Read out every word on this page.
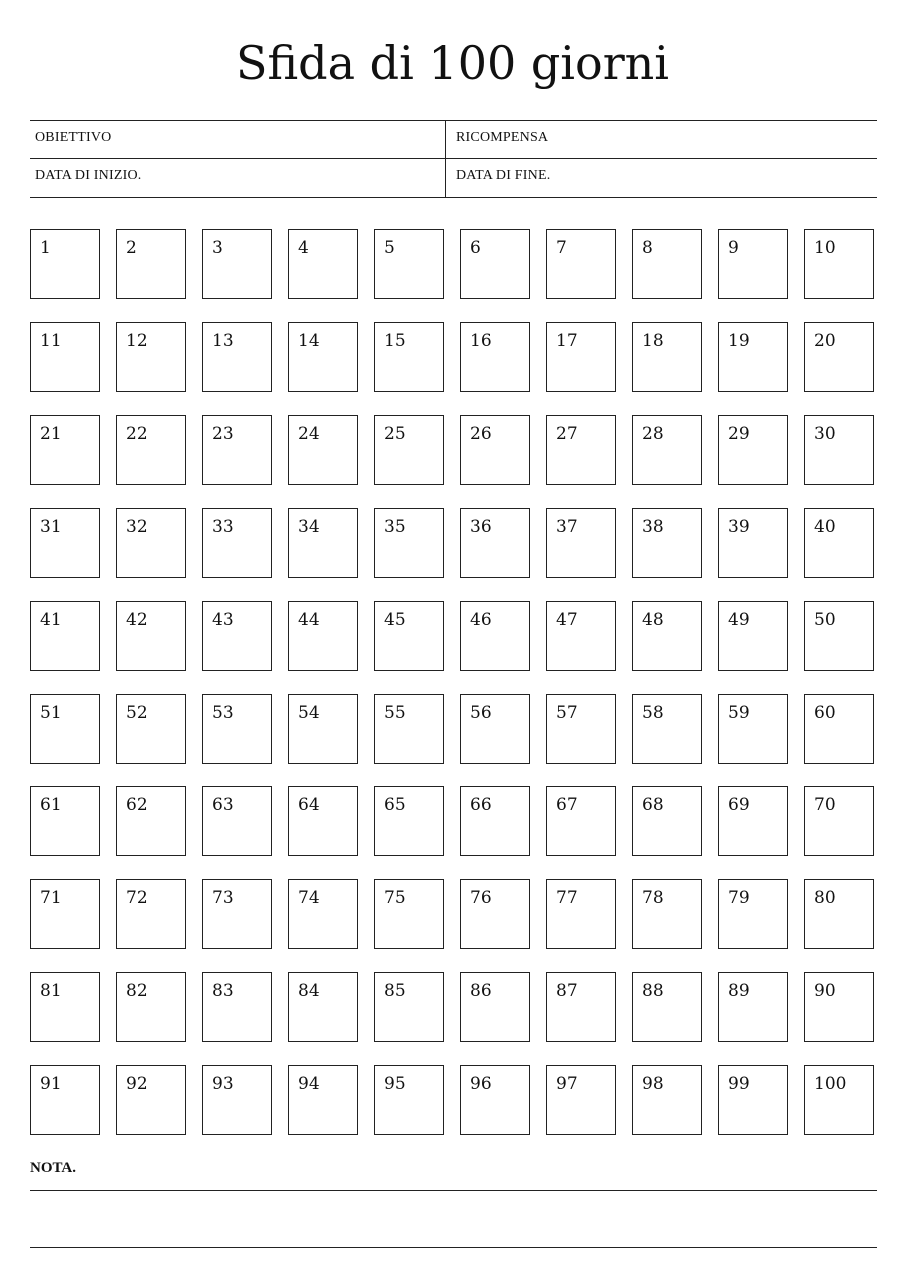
Sfida di 100 giorni
OBIETTIVO	RICOMPENSA
DATA DI INIZIO.	DATA DI FINE.
1	2	3	4	5	6	7	8	9	10
11	12	13	14	15	16	17	18	19	20
21	22	23	24	25	26	27	28	29	30
31	32	33	34	35	36	37	38	39	40
41	42	43	44	45	46	47	48	49	50
51	52	53	54	55	56	57	58	59	60
61	62	63	64	65	66	67	68	69	70
71	72	73	74	75	76	77	78	79	80
81	82	83	84	85	86	87	88	89	90
91	92	93	94	95	96	97	98	99	100
NOTA.
